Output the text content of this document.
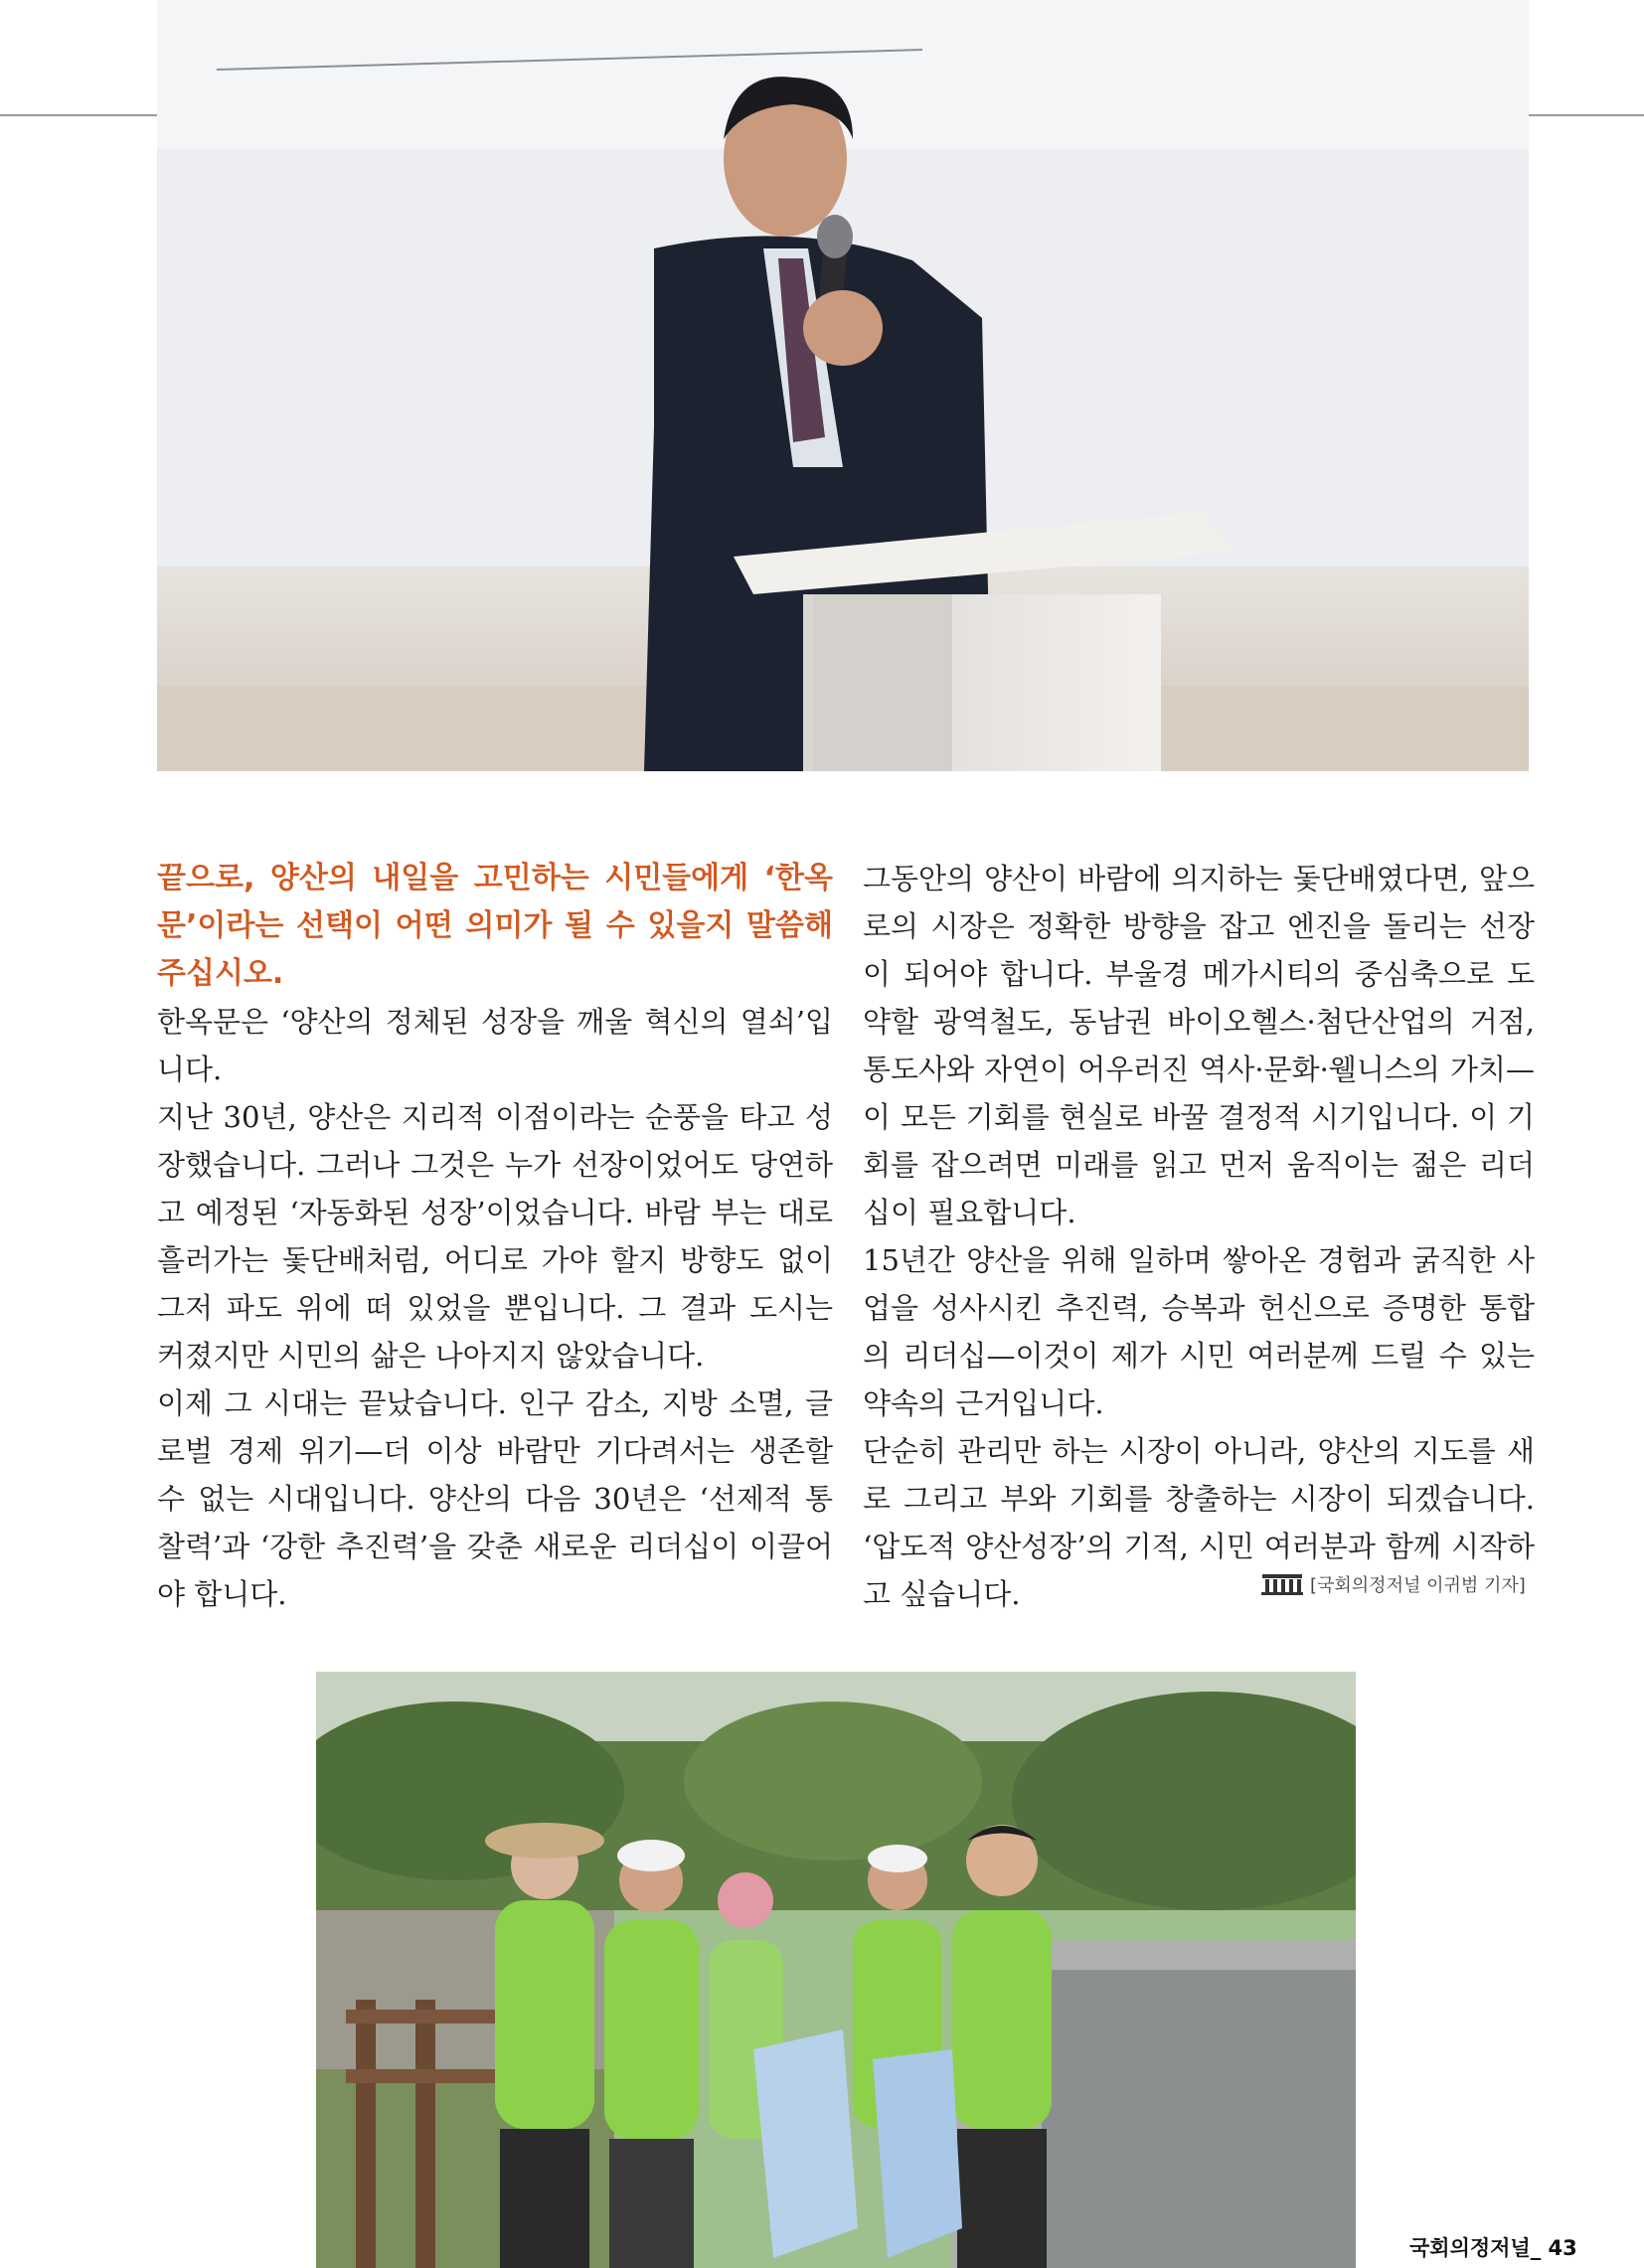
끝으로, 양산의 내일을 고민하는 시민들에게 ‘한옥문’이라는 선택이 어떤 의미가 될 수 있을지 말씀해 주십시오.

한옥문은 ‘양산의 정체된 성장을 깨울 혁신의 열쇠’입니다.

지난 30년, 양산은 지리적 이점이라는 순풍을 타고 성장했습니다. 그러나 그것은 누가 선장이었어도 당연하고 예정된 ‘자동화된 성장’이었습니다. 바람 부는 대로 흘러가는 돛단배처럼, 어디로 가야 할지 방향도 없이 그저 파도 위에 떠 있었을 뿐입니다. 그 결과 도시는 커졌지만 시민의 삶은 나아지지 않았습니다.

이제 그 시대는 끝났습니다. 인구 감소, 지방 소멸, 글로벌 경제 위기—더 이상 바람만 기다려서는 생존할 수 없는 시대입니다. 양산의 다음 30년은 ‘선제적 통찰력’과 ‘강한 추진력’을 갖춘 새로운 리더십이 이끌어야 합니다.

그동안의 양산이 바람에 의지하는 돛단배였다면, 앞으로의 시장은 정확한 방향을 잡고 엔진을 돌리는 선장이 되어야 합니다. 부울경 메가시티의 중심축으로 도약할 광역철도, 동남권 바이오헬스·첨단산업의 거점, 통도사와 자연이 어우러진 역사·문화·웰니스의 가치—이 모든 기회를 현실로 바꿀 결정적 시기입니다. 이 기회를 잡으려면 미래를 읽고 먼저 움직이는 젊은 리더십이 필요합니다.

15년간 양산을 위해 일하며 쌓아온 경험과 굵직한 사업을 성사시킨 추진력, 승복과 헌신으로 증명한 통합의 리더십—이것이 제가 시민 여러분께 드릴 수 있는 약속의 근거입니다.

단순히 관리만 하는 시장이 아니라, 양산의 지도를 새로 그리고 부와 기회를 창출하는 시장이 되겠습니다. ‘압도적 양산성장’의 기적, 시민 여러분과 함께 시작하고 싶습니다.	[국회의정저널 이귀범 기자]
국회의정저널_ 43
